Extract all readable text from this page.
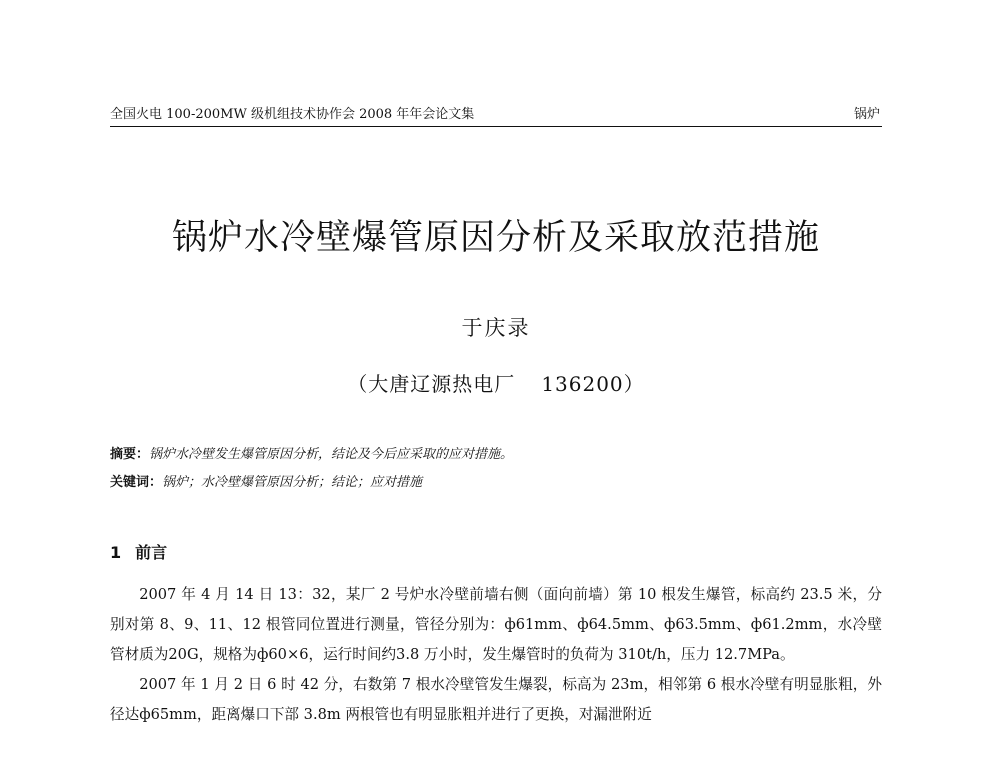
全国火电 100-200MW 级机组技术协作会 2008 年年会论文集	锅炉
锅炉水冷壁爆管原因分析及采取放范措施
于庆录
（大唐辽源热电厂 136200）
摘要：锅炉水冷壁发生爆管原因分析，结论及今后应采取的应对措施。
关键词：锅炉；水冷壁爆管原因分析；结论；应对措施
1 前言

2007 年 4 月 14 日 13：32，某厂 2 号炉水冷壁前墙右侧（面向前墙）第 10 根发生爆管，标高约 23.5 米，分别对第 8、9、11、12 根管同位置进行测量，管径分别为：ф61mm、ф64.5mm、ф63.5mm、ф61.2mm，水冷壁管材质为20G，规格为ф60×6，运行时间约3.8 万小时，发生爆管时的负荷为 310t/h，压力 12.7MPa。

2007 年 1 月 2 日 6 时 42 分，右数第 7 根水冷壁管发生爆裂，标高为 23m，相邻第 6 根水冷壁有明显胀粗，外径达ф65mm，距离爆口下部 3.8m 两根管也有明显胀粗并进行了更换，对漏泄附近
